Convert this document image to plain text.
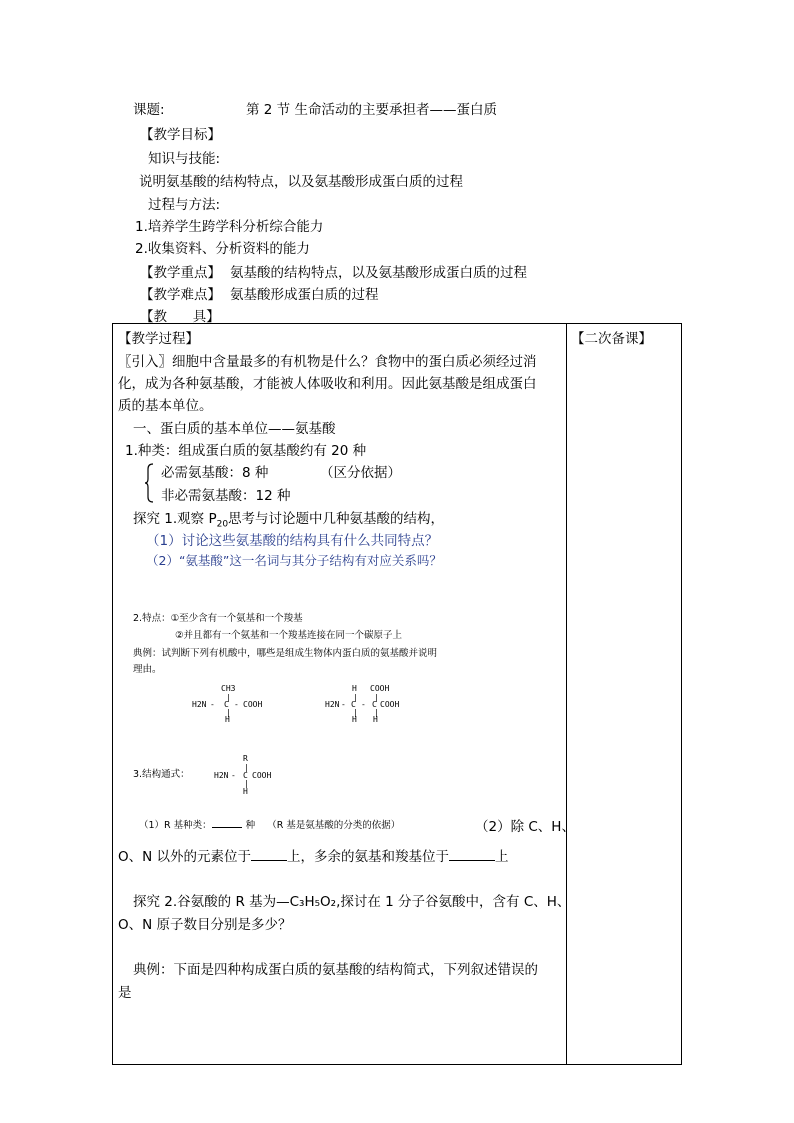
课题:	第 2 节 生命活动的主要承担者——蛋白质
【教学目标】
知识与技能:
说明氨基酸的结构特点，以及氨基酸形成蛋白质的过程
过程与方法:
1.培养学生跨学科分析综合能力
2.收集资料、分析资料的能力
【教学重点】 氨基酸的结构特点，以及氨基酸形成蛋白质的过程
【教学难点】 氨基酸形成蛋白质的过程
【教      具】
【教学过程】	【二次备课】
〖引入〗细胞中含量最多的有机物是什么？食物中的蛋白质必须经过消
化，成为各种氨基酸，才能被人体吸收和利用。因此氨基酸是组成蛋白
质的基本单位。
一、蛋白质的基本单位——氨基酸
1.种类：组成蛋白质的氨基酸约有 20 种
必需氨基酸：8 种	（区分依据）
非必需氨基酸：12 种
探究 1.观察 $P_{20}$思考与讨论题中几种氨基酸的结构，
（1）讨论这些氨基酸的结构具有什么共同特点？
（2）“氨基酸”这一名词与其分子结构有对应关系吗？
2.特点：①至少含有一个氨基和一个羧基
②并且都有一个氨基和一个羧基连接在同一个碳原子上
典例：试判断下列有机酸中，哪些是组成生物体内蛋白质的氨基酸并说明
理由。
CH3
|
H2N - C - COOH
|
H
H COOH
| |
H2N - C - C COOH
| |
H H
3.结构通式：
R
|
H2N - C COOH
|
H
（1）R 基种类：	种 （R 基是氨基酸的分类的依据）	（2）除 C、H、
O、N 以外的元素位于	上，多余的氨基和羧基位于	上
探究 2.谷氨酸的 R 基为—C₃H₅O₂,探讨在 1 分子谷氨酸中，含有 C、H、
O、N 原子数目分别是多少？
典例：下面是四种构成蛋白质的氨基酸的结构简式，下列叙述错误的
是
